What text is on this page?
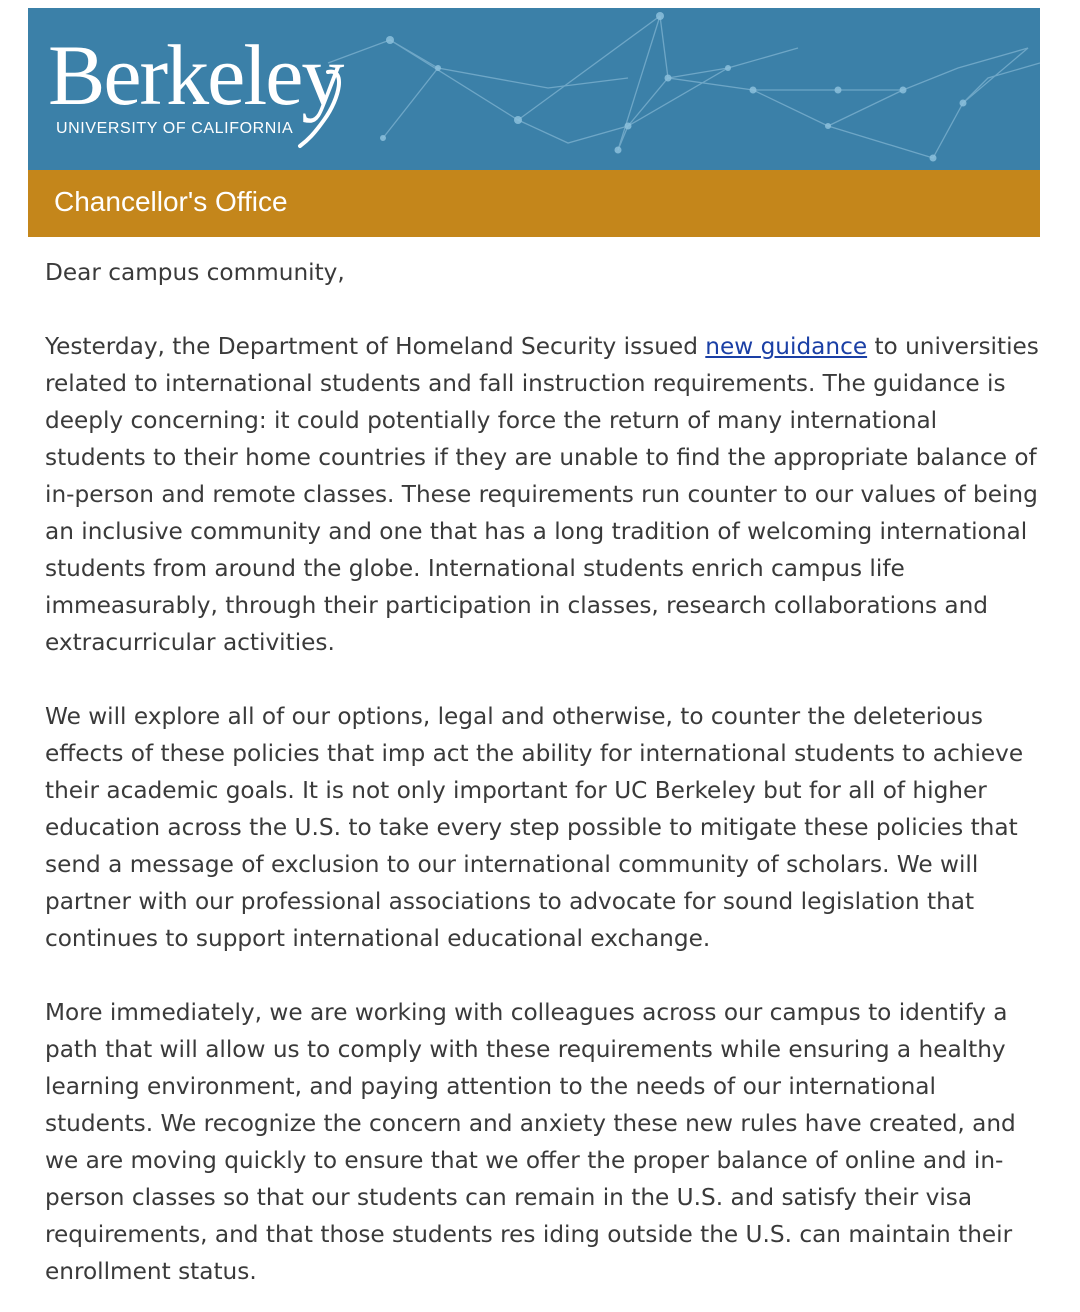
Berkeley
UNIVERSITY OF CALIFORNIA
Chancellor's Office

Dear campus community,

Yesterday, the Department of Homeland Security issued new guidance to universities related to international students and fall instruction requirements. The guidance is deeply concerning: it could potentially force the return of many international students to their home countries if they are unable to find the appropriate balance of in-person and remote classes. These requirements run counter to our values of being an inclusive community and one that has a long tradition of welcoming international students from around the globe. International students enrich campus life immeasurably, through their participation in classes, research collaborations and extracurricular activities.

We will explore all of our options, legal and otherwise, to counter the deleterious effects of these policies that imp act the ability for international students to achieve their academic goals. It is not only important for UC Berkeley but for all of higher education across the U.S. to take every step possible to mitigate these policies that send a message of exclusion to our international community of scholars. We will partner with our professional associations to advocate for sound legislation that continues to support international educational exchange.

More immediately, we are working with colleagues across our campus to identify a path that will allow us to comply with these requirements while ensuring a healthy learning environment, and paying attention to the needs of our international students. We recognize the concern and anxiety these new rules have created, and we are moving quickly to ensure that we offer the proper balance of online and in-person classes so that our students can remain in the U.S. and satisfy their visa requirements, and that those students res iding outside the U.S. can maintain their enrollment status.
